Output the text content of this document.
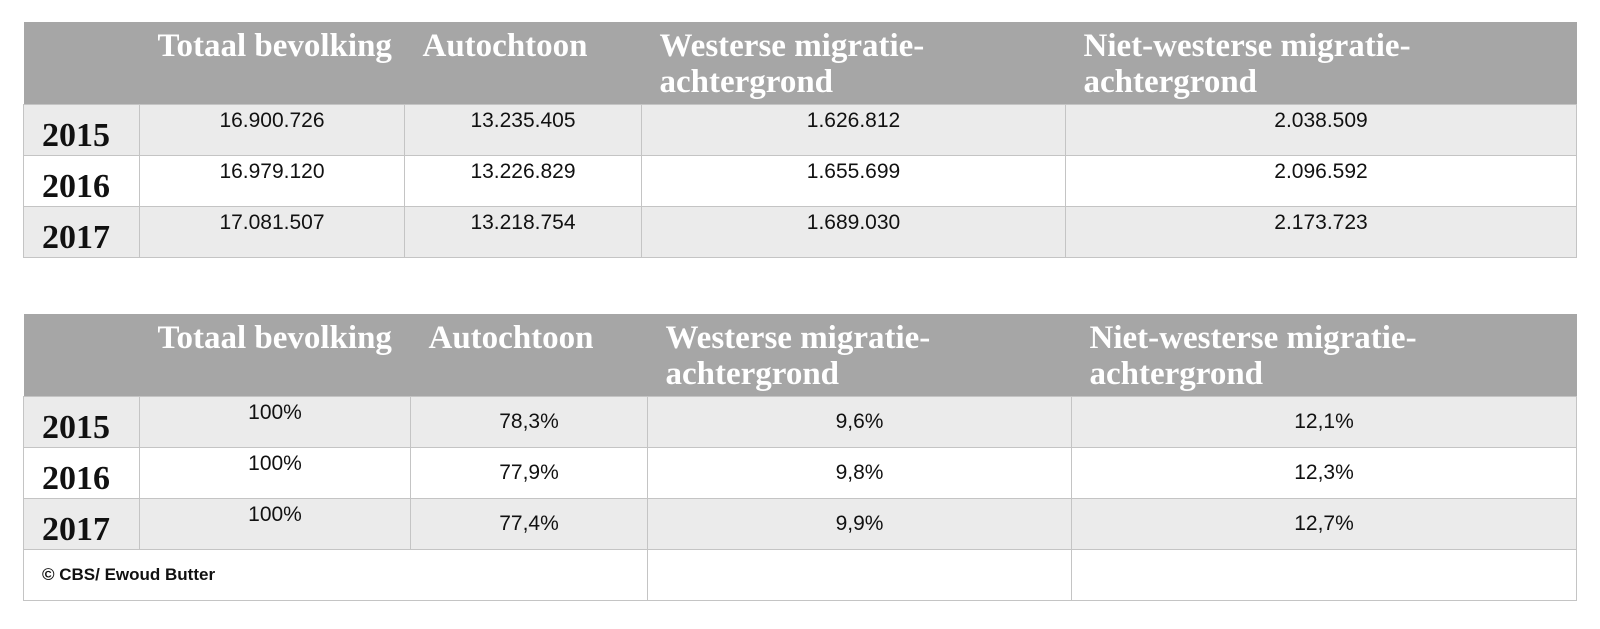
	Totaal bevolking	Autochtoon	Westerse migratie-achtergrond	Niet-westerse migratie-achtergrond
2015	16.900.726	13.235.405	1.626.812	2.038.509
2016	16.979.120	13.226.829	1.655.699	2.096.592
2017	17.081.507	13.218.754	1.689.030	2.173.723
	Totaal bevolking	Autochtoon	Westerse migratie-achtergrond	Niet-westerse migratie-achtergrond
2015	100%	78,3%	9,6%	12,1%
2016	100%	77,9%	9,8%	12,3%
2017	100%	77,4%	9,9%	12,7%
© CBS/ Ewoud Butter				
